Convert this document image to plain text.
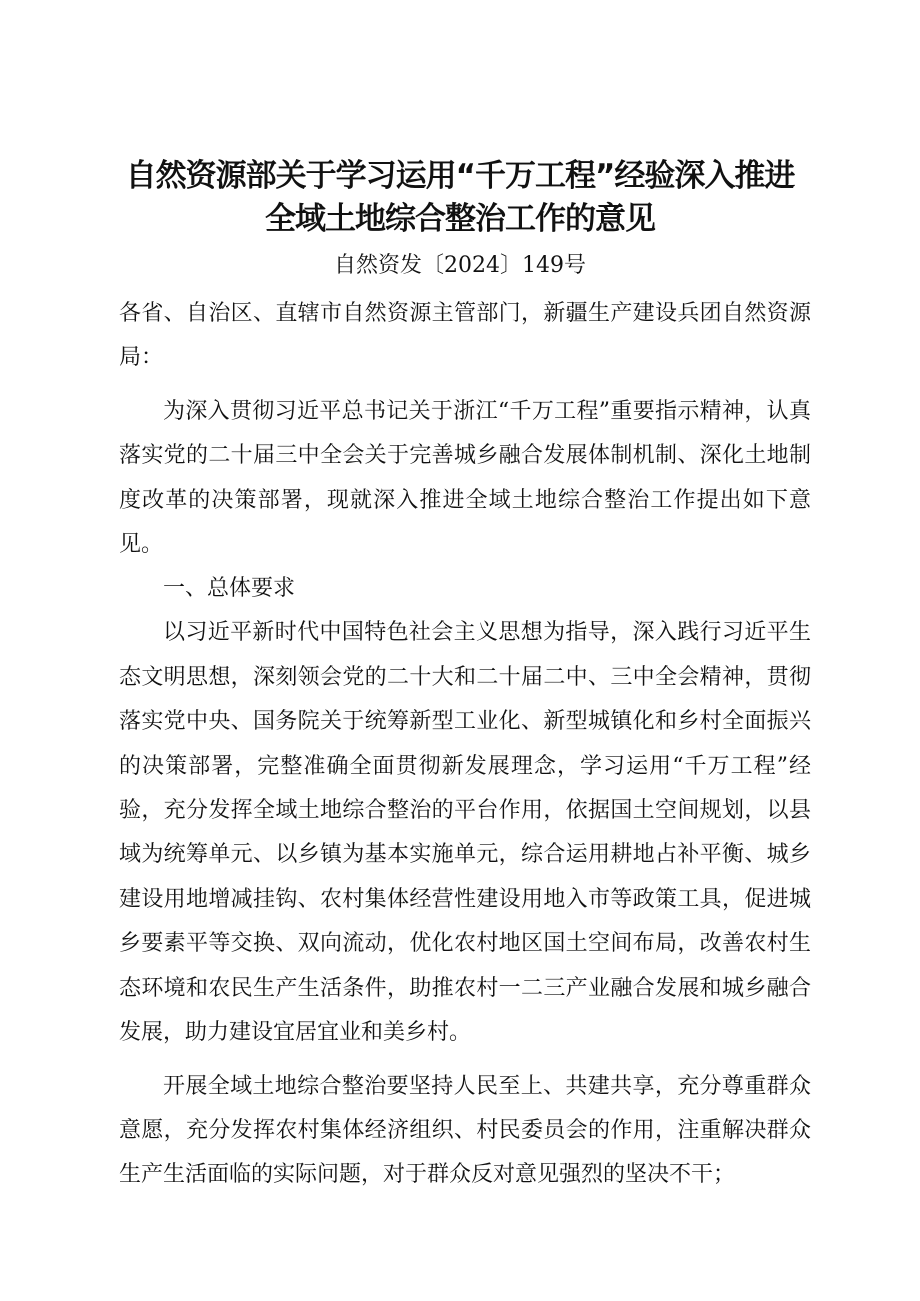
自然资源部关于学习运用“千万工程”经验深入推进
全域土地综合整治工作的意见
自然资发〔2024〕149号

各省、自治区、直辖市自然资源主管部门，新疆生产建设兵团自然资源局：

为深入贯彻习近平总书记关于浙江“千万工程”重要指示精神，认真落实党的二十届三中全会关于完善城乡融合发展体制机制、深化土地制度改革的决策部署，现就深入推进全域土地综合整治工作提出如下意见。

一、总体要求

以习近平新时代中国特色社会主义思想为指导，深入践行习近平生态文明思想，深刻领会党的二十大和二十届二中、三中全会精神，贯彻落实党中央、国务院关于统筹新型工业化、新型城镇化和乡村全面振兴的决策部署，完整准确全面贯彻新发展理念，学习运用“千万工程”经验，充分发挥全域土地综合整治的平台作用，依据国土空间规划，以县域为统筹单元、以乡镇为基本实施单元，综合运用耕地占补平衡、城乡建设用地增减挂钩、农村集体经营性建设用地入市等政策工具，促进城乡要素平等交换、双向流动，优化农村地区国土空间布局，改善农村生态环境和农民生产生活条件，助推农村一二三产业融合发展和城乡融合发展，助力建设宜居宜业和美乡村。

开展全域土地综合整治要坚持人民至上、共建共享，充分尊重群众意愿，充分发挥农村集体经济组织、村民委员会的作用，注重解决群众生产生活面临的实际问题，对于群众反对意见强烈的坚决不干；
